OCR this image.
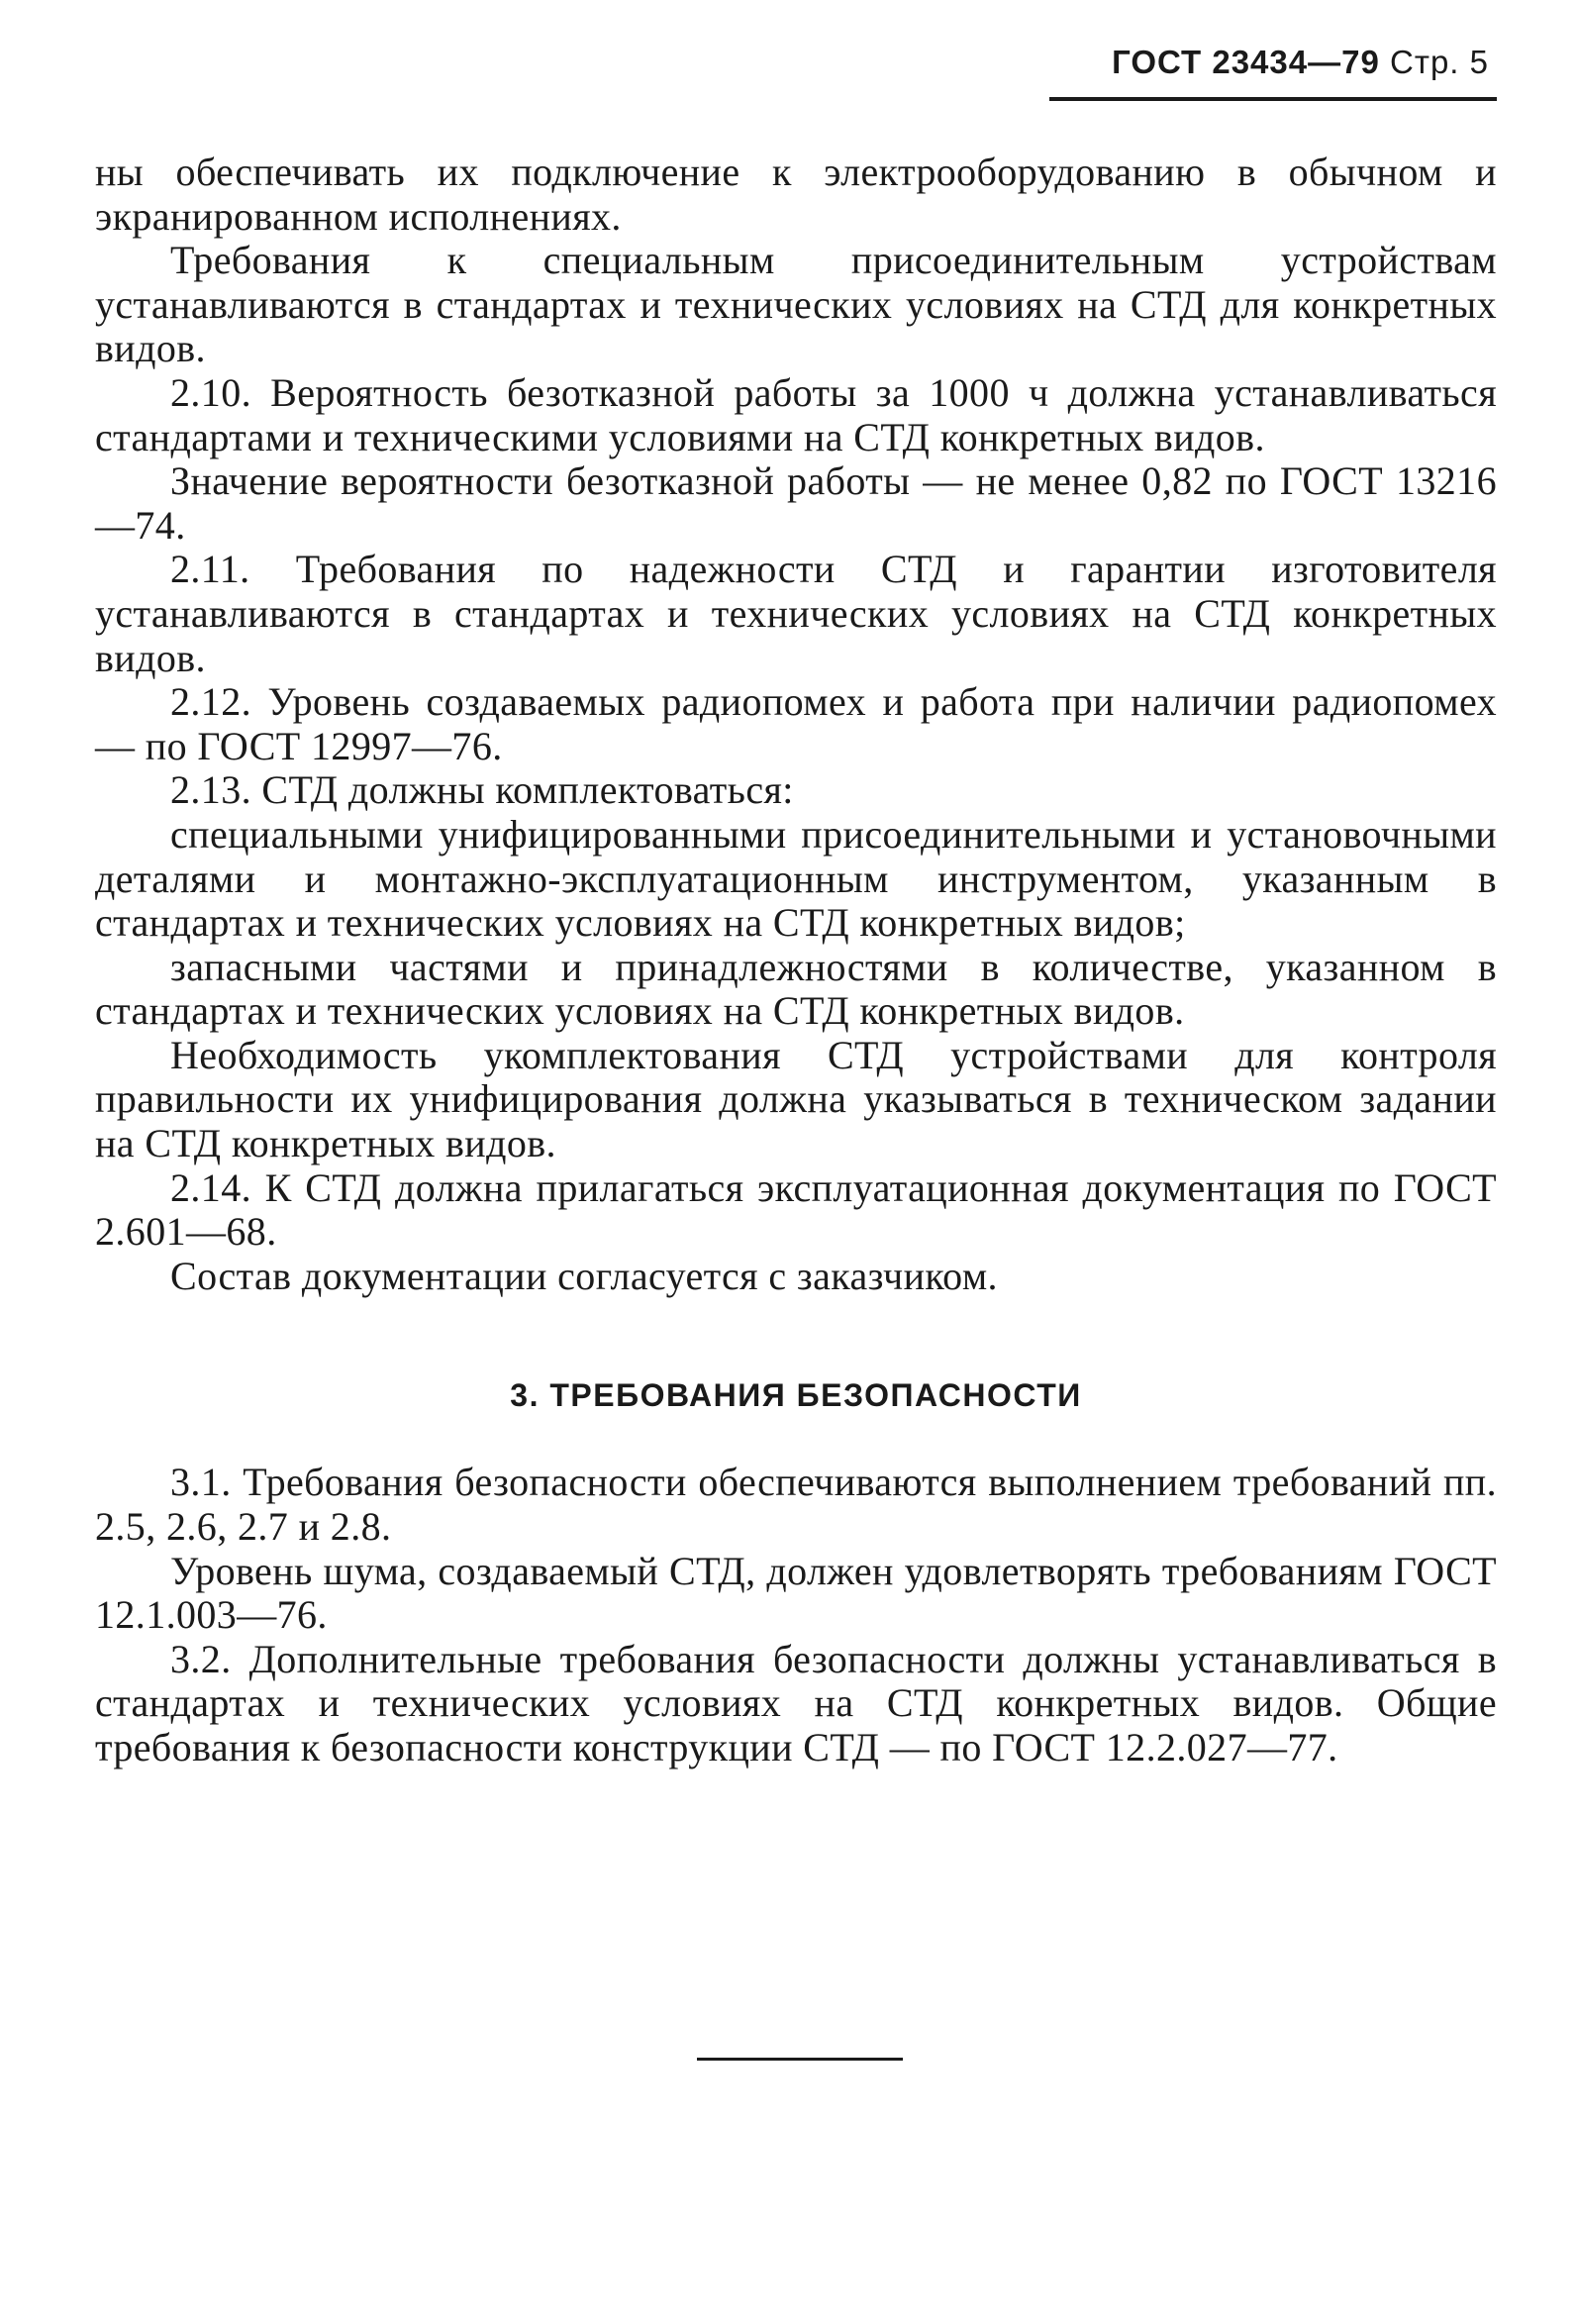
ГОСТ 23434—79 Стр. 5

ны обеспечивать их подключение к электрооборудованию в обычном и экранированном исполнениях.

Требования к специальным присоединительным устройствам устанавливаются в стандартах и технических условиях на СТД для конкретных видов.

2.10. Вероятность безотказной работы за 1000 ч должна устанавливаться стандартами и техническими условиями на СТД конкретных видов.

Значение вероятности безотказной работы — не менее 0,82 по ГОСТ 13216—74.

2.11. Требования по надежности СТД и гарантии изготовителя устанавливаются в стандартах и технических условиях на СТД конкретных видов.

2.12. Уровень создаваемых радиопомех и работа при наличии радиопомех — по ГОСТ 12997—76.

2.13. СТД должны комплектоваться:

специальными унифицированными присоединительными и установочными деталями и монтажно-эксплуатационным инструментом, указанным в стандартах и технических условиях на СТД конкретных видов;

запасными частями и принадлежностями в количестве, указанном в стандартах и технических условиях на СТД конкретных видов.

Необходимость укомплектования СТД устройствами для контроля правильности их унифицирования должна указываться в техническом задании на СТД конкретных видов.

2.14. К СТД должна прилагаться эксплуатационная документация по ГОСТ 2.601—68.

Состав документации согласуется с заказчиком.

3. ТРЕБОВАНИЯ БЕЗОПАСНОСТИ

3.1. Требования безопасности обеспечиваются выполнением требований пп. 2.5, 2.6, 2.7 и 2.8.

Уровень шума, создаваемый СТД, должен удовлетворять требованиям ГОСТ 12.1.003—76.

3.2. Дополнительные требования безопасности должны устанавливаться в стандартах и технических условиях на СТД конкретных видов. Общие требования к безопасности конструкции СТД — по ГОСТ 12.2.027—77.
